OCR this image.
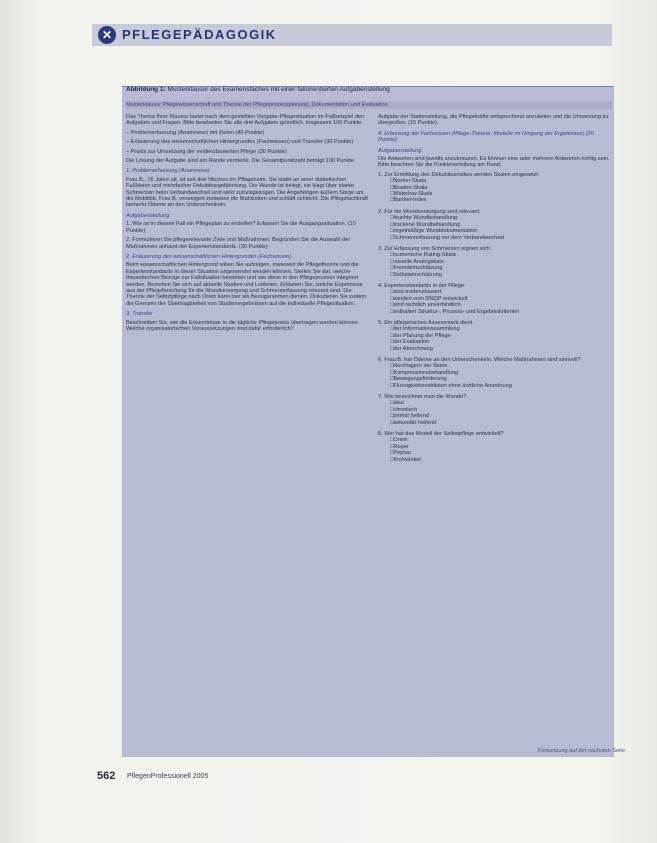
✕ PFLEGEPÄDAGOGIK
Abbildung 1: Musterklausur des Examensfaches mit einer fallorientierten Aufgabenstellung
Musterklausur Pflegewissenschaft und Theorie der Pflegeprozessplanung, Dokumentation und Evaluation

Das Thema Ihrer Klausur lautet nach dem gestellten Vorgabe-Pflegesituation im Fallbeispiel den Aufgaben und Fragen. Bitte bearbeiten Sie alle drei Aufgaben gründlich. Insgesamt 100 Punkte.

– Problemerfassung (Anamnese) mit Zielen (40 Punkte)

– Erläuterung des wissenschaftlichen Hintergrundes (Fachwissen) und Transfer (30 Punkte)

– Praxis zur Umsetzung der evidenzbasierten Pflege (30 Punkte)

Die Lösung der Aufgabe sind am Rande vermerkt. Die Gesamtpunktzahl beträgt 100 Punkte.

1. Problemerfassung (Anamnese)

Frau B., 76 Jahre alt, ist seit drei Wochen im Pflegeheim. Sie leidet an einer diabetischen Fußläsion und mehrfacher Dekubitusgefährdung. Die Wunde ist belegt, sie klagt über starke Schmerzen beim Verbandwechsel und wirkt zurückgezogen. Die Angehörigen äußern Sorge um die Mobilität. Frau B. verweigert zeitweise die Mahlzeiten und schläft schlecht. Die Pflegefachkraft bemerkt Ödeme an den Unterschenkeln.

Aufgabenstellung

1. Wie ist in diesem Fall ein Pflegeplan zu erstellen? Erfassen Sie die Ausgangssituation. (10 Punkte)

2. Formulieren Sie pflegerelevante Ziele und Maßnahmen. Begründen Sie die Auswahl der Maßnahmen anhand der Expertenstandards. (30 Punkte)

2. Erläuterung des wissenschaftlichen Hintergrundes (Fachwissen)

Beim wissenschaftlichen Hintergrund sollen Sie aufzeigen, inwieweit die Pflegetheorie und die Expertenstandards in dieser Situation angewendet werden können. Stellen Sie dar, welche theoretischen Bezüge zur Fallsituation bestehen und wie diese in den Pflegeprozess integriert werden. Beziehen Sie sich auf aktuelle Studien und Leitlinien. Erläutern Sie, welche Ergebnisse aus der Pflegeforschung für die Wundversorgung und Schmerzerfassung relevant sind. Die Theorie der Selbstpflege nach Orem kann hier als Bezugsrahmen dienen. Diskutieren Sie zudem die Grenzen der Übertragbarkeit von Studienergebnissen auf die individuelle Pflegesituation.

3. Transfer

Beschreiben Sie, wie die Erkenntnisse in die tägliche Pflegepraxis übertragen werden können. Welche organisatorischen Voraussetzungen sind dafür erforderlich?

Aufgabe der Stationsleitung, die Pflegekräfte entsprechend anzuleiten und die Umsetzung zu überprüfen. (15 Punkte)

4. Erfassung der Fachwissen (Pflege-Theorie, Modelle im Umgang der Ergebnisse) (20 Punkte)

Aufgabenstellung

Die Antworten sind jeweils anzukreuzen. Es können eine oder mehrere Antworten richtig sein. Bitte beachten Sie die Punkteverteilung am Rand.

1. Zur Ermittlung des Dekubitusrisikos werden Skalen eingesetzt:
□ Norton-Skala
□ Braden-Skala
□ Waterlow-Skala
□ Barthel-Index
2. Für die Wundversorgung sind relevant:
□ feuchte Wundbehandlung
□ trockene Wundbehandlung
□ regelmäßige Wunddokumentation
□ Schmerzerfassung vor dem Verbandwechsel
3. Zur Erfassung von Schmerzen eignen sich:
□ numerische Rating-Skala
□ visuelle Analogskala
□ Fremdeinschätzung
□ Selbsteinschätzung
4. Expertenstandards in der Pflege:
□ sind evidenzbasiert
□ werden vom DNQP entwickelt
□ sind rechtlich unverbindlich
□ enthalten Struktur-, Prozess- und Ergebniskriterien
5. Ein pflegerisches Assessment dient:
□ der Informationssammlung
□ der Planung der Pflege
□ der Evaluation
□ der Abrechnung
6. Frau B. hat Ödeme an den Unterschenkeln. Welche Maßnahmen sind sinnvoll?
□ Hochlagern der Beine
□ Kompressionsbehandlung
□ Bewegungsförderung
□ Flüssigkeitsrestriktion ohne ärztliche Anordnung
7. Wie bezeichnet man die Wunde?
□ akut
□ chronisch
□ primär heilend
□ sekundär heilend
8. Wer hat das Modell der Selbstpflege entwickelt?
□ Orem
□ Roper
□ Peplau
□ Krohwinkel
Fortsetzung auf der nächsten Seite
562 PflegenProfessionell 2005
